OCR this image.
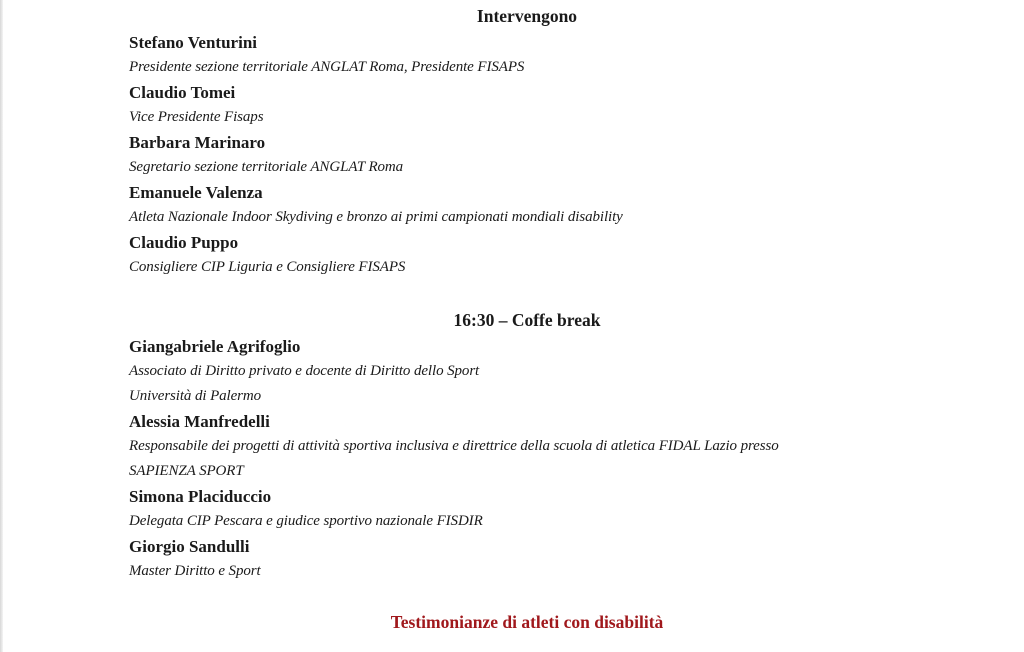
Intervengono
Stefano Venturini
Presidente sezione territoriale ANGLAT Roma, Presidente FISAPS
Claudio Tomei
Vice Presidente Fisaps
Barbara Marinaro
Segretario sezione territoriale ANGLAT Roma
Emanuele Valenza
Atleta Nazionale Indoor Skydiving e bronzo ai primi campionati mondiali disability
Claudio Puppo
Consigliere CIP Liguria e Consigliere FISAPS
16:30 – Coffe break
Giangabriele Agrifoglio
Associato di Diritto privato e docente di Diritto dello Sport
Università di Palermo
Alessia Manfredelli
Responsabile dei progetti di attività sportiva inclusiva e direttrice della scuola di atletica FIDAL Lazio presso
SAPIENZA SPORT
Simona Placiduccio
Delegata CIP Pescara e giudice sportivo nazionale FISDIR
Giorgio Sandulli
Master Diritto e Sport
Testimonianze di atleti con disabilità
